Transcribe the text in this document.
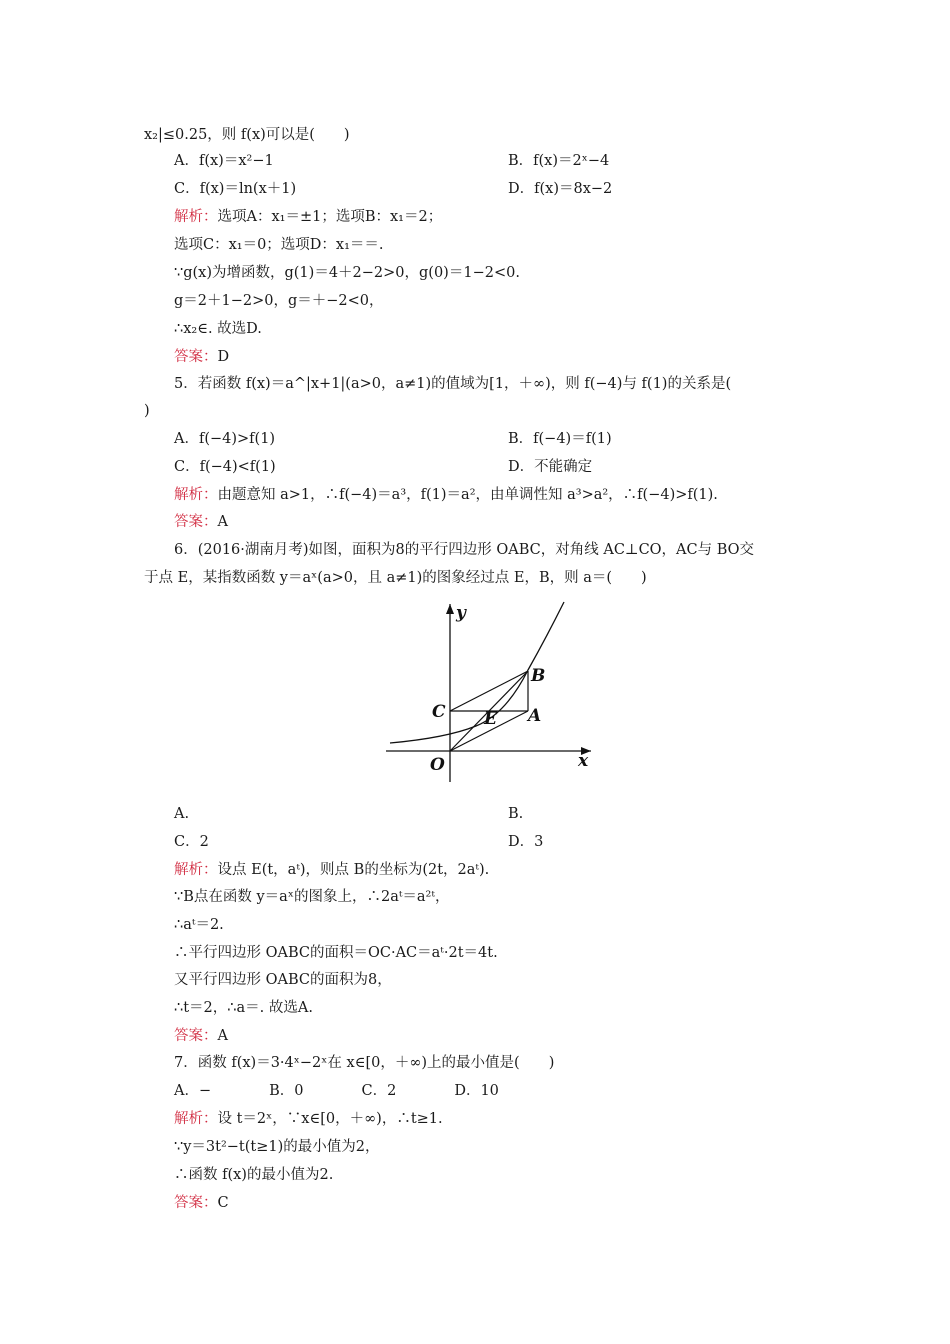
x₂|≤0.25，则 f(x)可以是(　　)
A．f(x)＝x²−1	B．f(x)＝2ˣ−4
C．f(x)＝ln(x＋1)	D．f(x)＝8x−2
解析：选项A：x₁＝±1；选项B：x₁＝2；
选项C：x₁＝0；选项D：x₁＝＝.
∵g(x)为增函数，g(1)＝4＋2−2>0，g(0)＝1−2<0.
g＝2＋1−2>0，g＝＋−2<0，
∴x₂∈. 故选D.
答案：D
5．若函数 f(x)＝a^|x+1|(a>0，a≠1)的值域为[1，＋∞)，则 f(−4)与 f(1)的关系是(
)
A．f(−4)>f(1)	B．f(−4)＝f(1)
C．f(−4)<f(1)	D．不能确定
解析：由题意知 a>1，∴f(−4)＝a³，f(1)＝a²，由单调性知 a³>a²，∴f(−4)>f(1).
答案：A
6．(2016·湖南月考)如图，面积为8的平行四边形 OABC，对角线 AC⊥CO，AC与 BO交
于点 E，某指数函数 y＝aˣ(a>0，且 a≠1)的图象经过点 E，B，则 a＝(　　)
y
x
O
C E A
B
A.	B.
C．2	D．3
解析：设点 E(t，aᵗ)，则点 B的坐标为(2t，2aᵗ).
∵B点在函数 y＝aˣ的图象上，∴2aᵗ＝a²ᵗ，
∴aᵗ＝2.
∴平行四边形 OABC的面积＝OC·AC＝aᵗ·2t＝4t.
又平行四边形 OABC的面积为8，
∴t＝2，∴a＝. 故选A.
答案：A
7．函数 f(x)＝3·4ˣ−2ˣ在 x∈[0，＋∞)上的最小值是(　　)
A．−　　　　B．0　　　　C．2　　　　D．10
解析：设 t＝2ˣ，∵x∈[0，＋∞)，∴t≥1.
∵y＝3t²−t(t≥1)的最小值为2，
∴函数 f(x)的最小值为2.
答案：C
